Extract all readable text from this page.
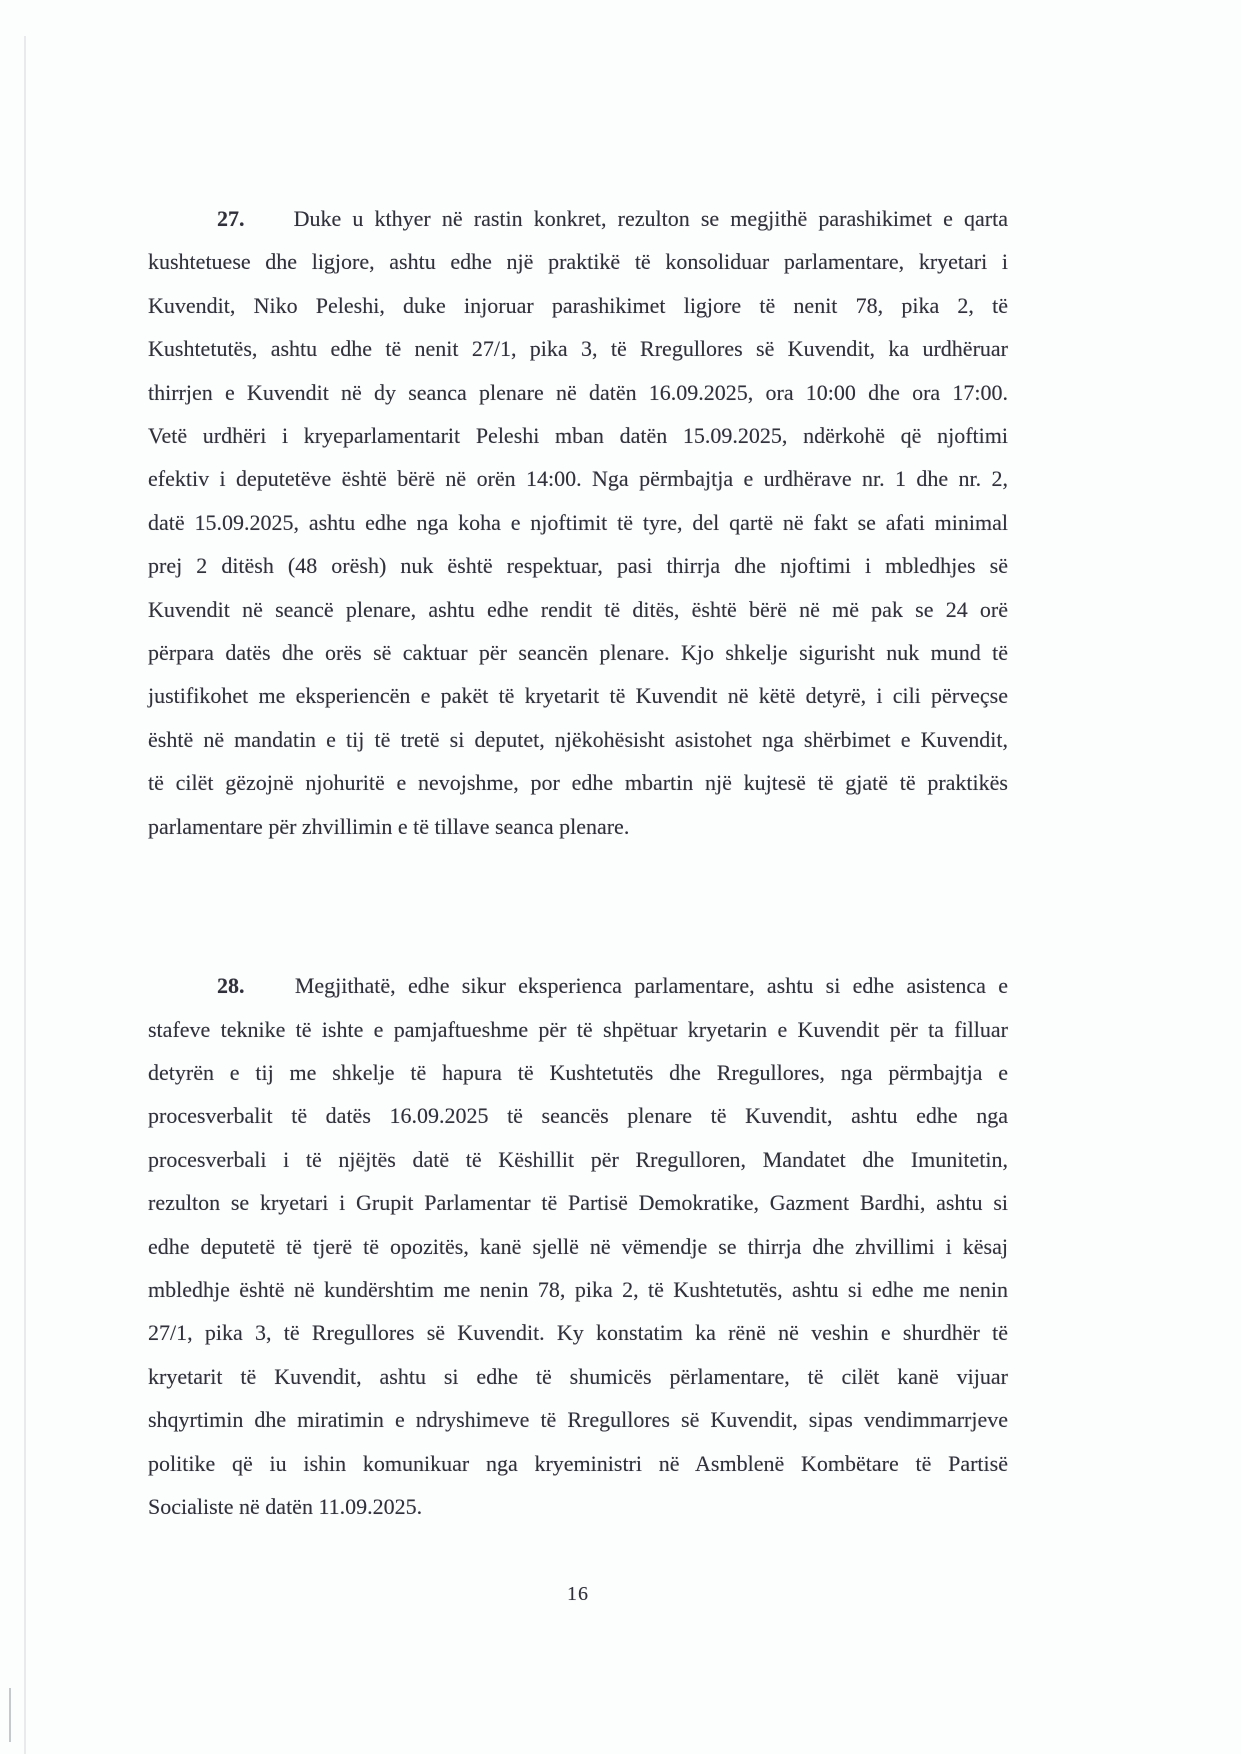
27. Duke u kthyer në rastin konkret, rezulton se megjithë parashikimet e qarta
kushtetuese dhe ligjore, ashtu edhe një praktikë të konsoliduar parlamentare, kryetari i
Kuvendit, Niko Peleshi, duke injoruar parashikimet ligjore të nenit 78, pika 2, të
Kushtetutës, ashtu edhe të nenit 27/1, pika 3, të Rregullores së Kuvendit, ka urdhëruar
thirrjen e Kuvendit në dy seanca plenare në datën 16.09.2025, ora 10:00 dhe ora 17:00.
Vetë urdhëri i kryeparlamentarit Peleshi mban datën 15.09.2025, ndërkohë që njoftimi
efektiv i deputetëve është bërë në orën 14:00. Nga përmbajtja e urdhërave nr. 1 dhe nr. 2,
datë 15.09.2025, ashtu edhe nga koha e njoftimit të tyre, del qartë në fakt se afati minimal
prej 2 ditësh (48 orësh) nuk është respektuar, pasi thirrja dhe njoftimi i mbledhjes së
Kuvendit në seancë plenare, ashtu edhe rendit të ditës, është bërë në më pak se 24 orë
përpara datës dhe orës së caktuar për seancën plenare. Kjo shkelje sigurisht nuk mund të
justifikohet me eksperiencën e pakët të kryetarit të Kuvendit në këtë detyrë, i cili përveçse
është në mandatin e tij të tretë si deputet, njëkohësisht asistohet nga shërbimet e Kuvendit,
të cilët gëzojnë njohuritë e nevojshme, por edhe mbartin një kujtesë të gjatë të praktikës
parlamentare për zhvillimin e të tillave seanca plenare.
28. Megjithatë, edhe sikur eksperienca parlamentare, ashtu si edhe asistenca e
stafeve teknike të ishte e pamjaftueshme për të shpëtuar kryetarin e Kuvendit për ta filluar
detyrën e tij me shkelje të hapura të Kushtetutës dhe Rregullores, nga përmbajtja e
procesverbalit të datës 16.09.2025 të seancës plenare të Kuvendit, ashtu edhe nga
procesverbali i të njëjtës datë të Këshillit për Rregulloren, Mandatet dhe Imunitetin,
rezulton se kryetari i Grupit Parlamentar të Partisë Demokratike, Gazment Bardhi, ashtu si
edhe deputetë të tjerë të opozitës, kanë sjellë në vëmendje se thirrja dhe zhvillimi i kësaj
mbledhje është në kundërshtim me nenin 78, pika 2, të Kushtetutës, ashtu si edhe me nenin
27/1, pika 3, të Rregullores së Kuvendit. Ky konstatim ka rënë në veshin e shurdhër të
kryetarit të Kuvendit, ashtu si edhe të shumicës përlamentare, të cilët kanë vijuar
shqyrtimin dhe miratimin e ndryshimeve të Rregullores së Kuvendit, sipas vendimmarrjeve
politike që iu ishin komunikuar nga kryeministri në Asmblenë Kombëtare të Partisë
Socialiste në datën 11.09.2025.
16
